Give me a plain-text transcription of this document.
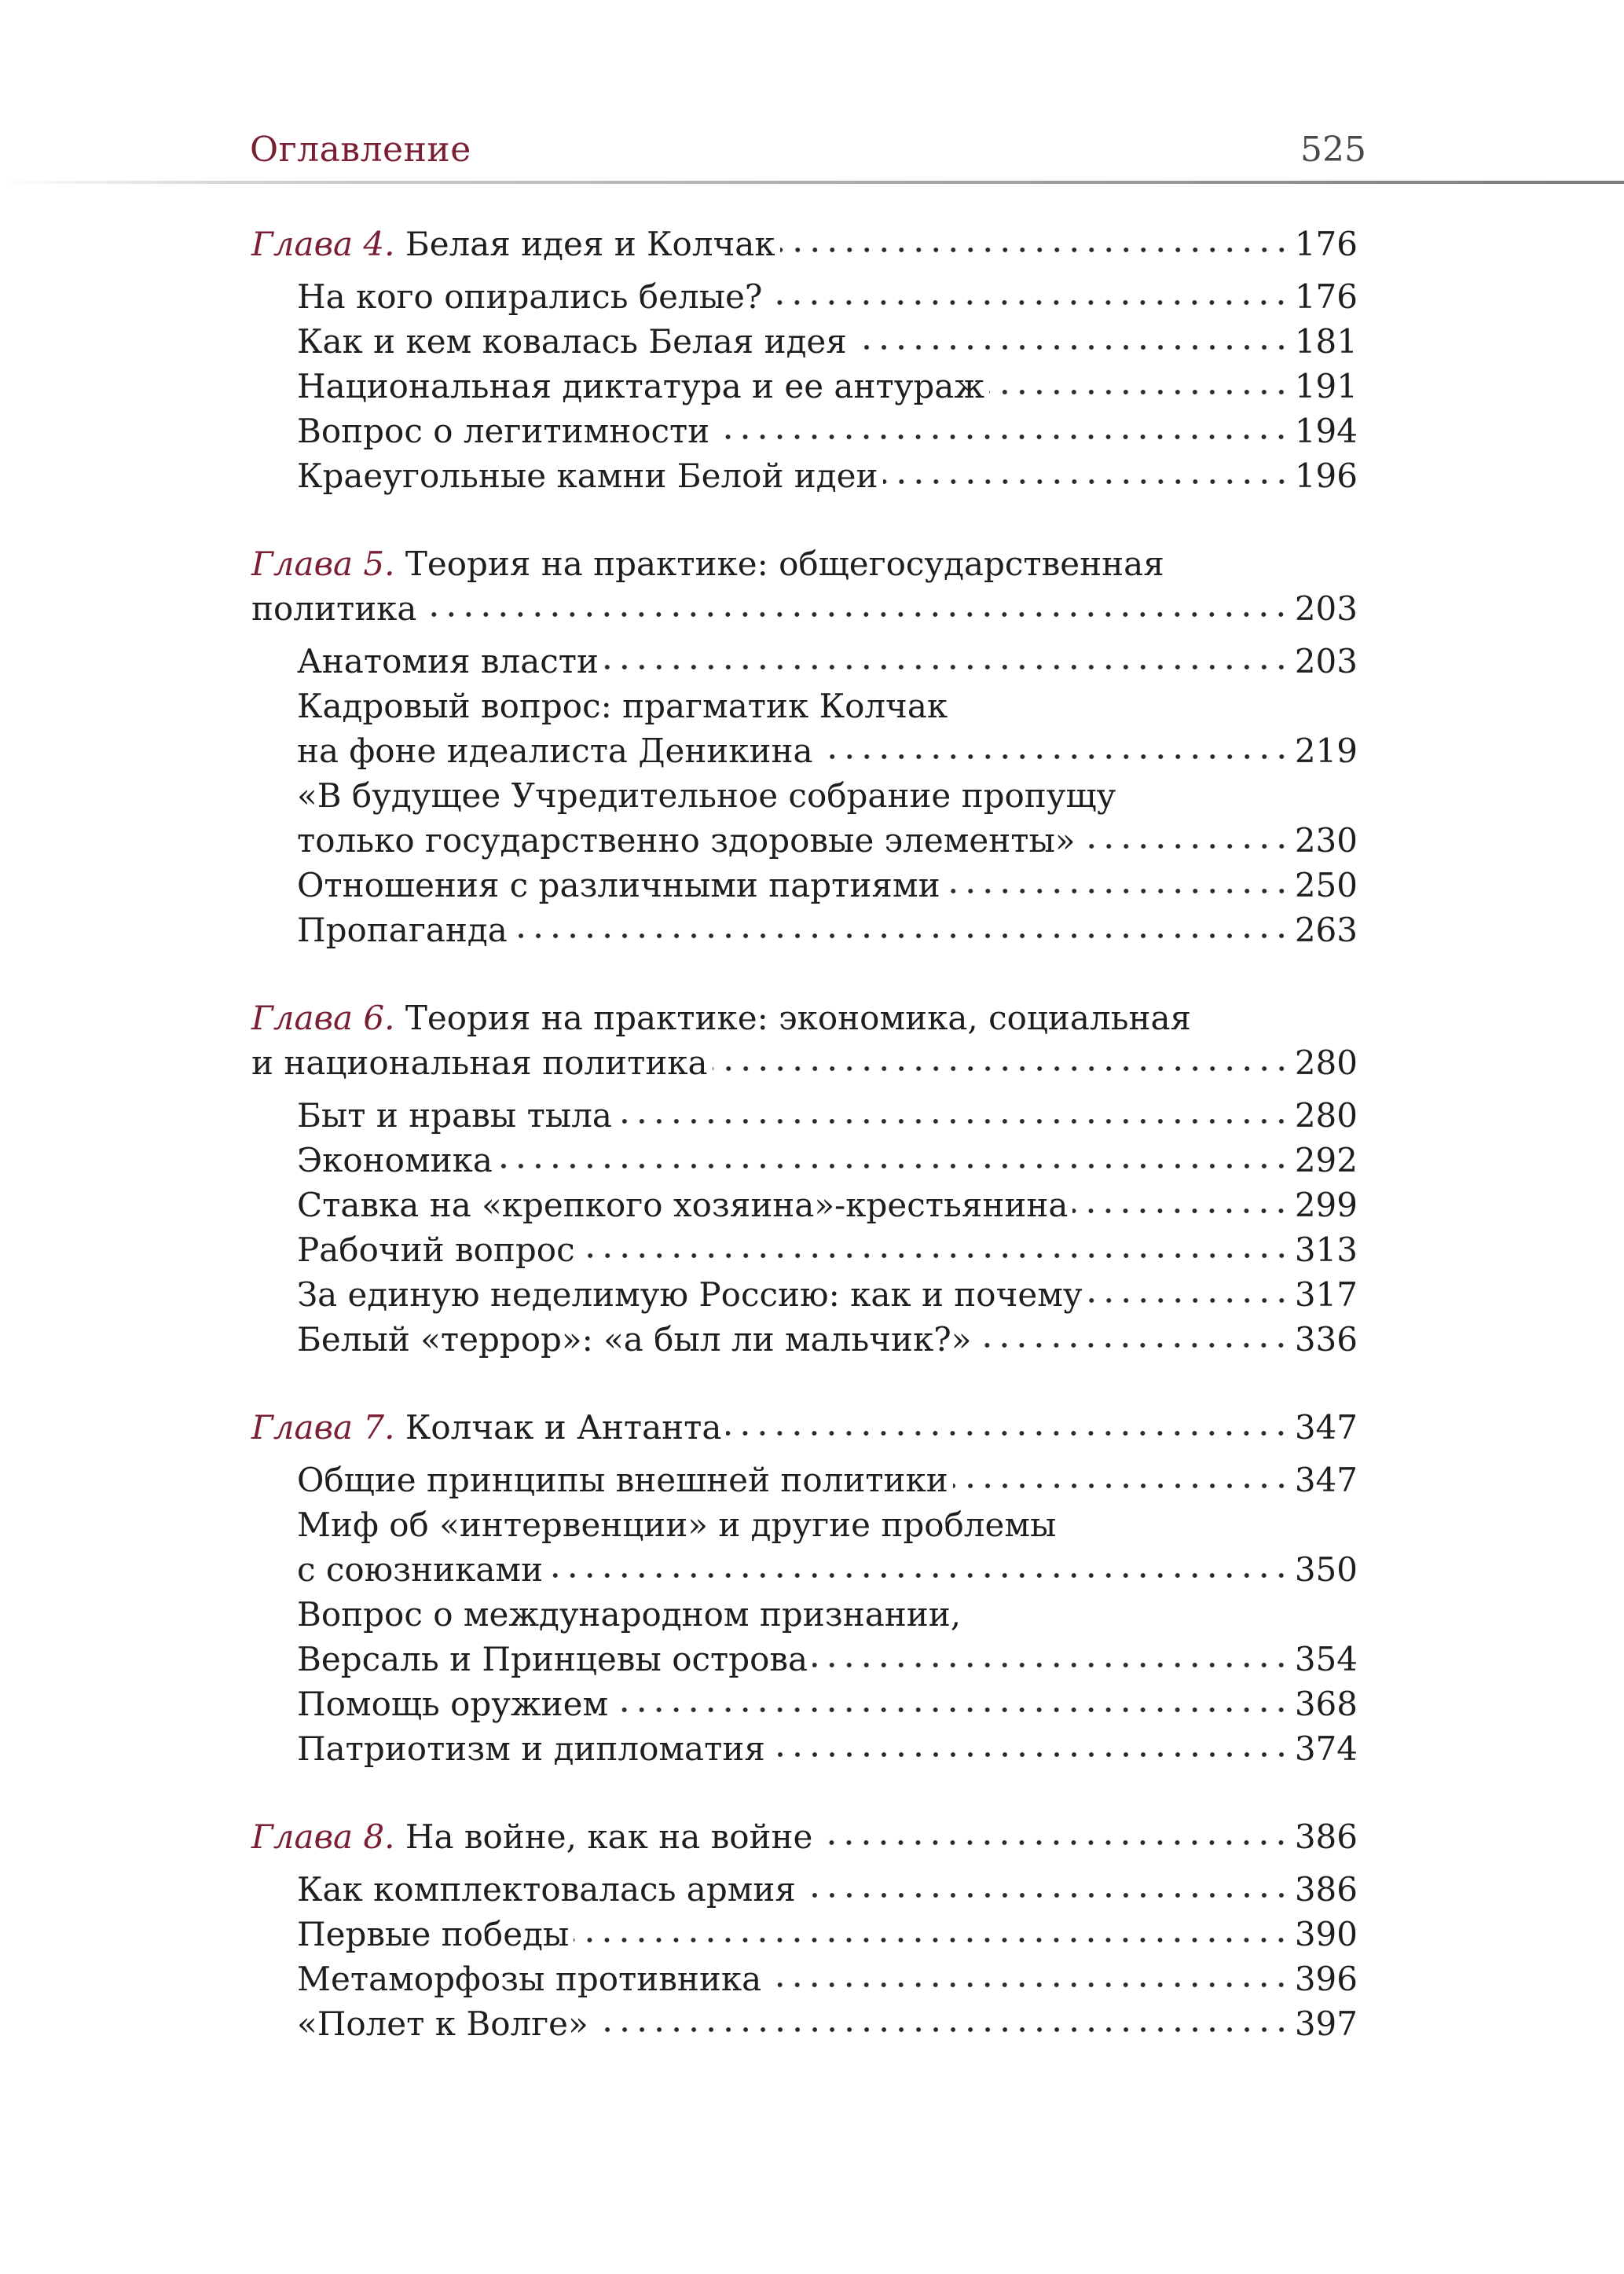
Оглавление	525
Глава 4. Белая идея и Колчак	176
На кого опирались белые?	176
Как и кем ковалась Белая идея	181
Национальная диктатура и ее антураж	191
Вопрос о легитимности	194
Краеугольные камни Белой идеи	196
Глава 5. Теория на практике: общегосударственная
политика	203
Анатомия власти	203
Кадровый вопрос: прагматик Колчак
на фоне идеалиста Деникина	219
«В будущее Учредительное собрание пропущу
только государственно здоровые элементы»	230
Отношения с различными партиями	250
Пропаганда	263
Глава 6. Теория на практике: экономика, социальная
и национальная политика	280
Быт и нравы тыла	280
Экономика	292
Ставка на «крепкого хозяина»-крестьянина	299
Рабочий вопрос	313
За единую неделимую Россию: как и почему	317
Белый «террор»: «а был ли мальчик?»	336
Глава 7. Колчак и Антанта	347
Общие принципы внешней политики	347
Миф об «интервенции» и другие проблемы
с союзниками	350
Вопрос о международном признании,
Версаль и Принцевы острова	354
Помощь оружием	368
Патриотизм и дипломатия	374
Глава 8. На войне, как на войне	386
Как комплектовалась армия	386
Первые победы	390
Метаморфозы противника	396
«Полет к Волге»	397
